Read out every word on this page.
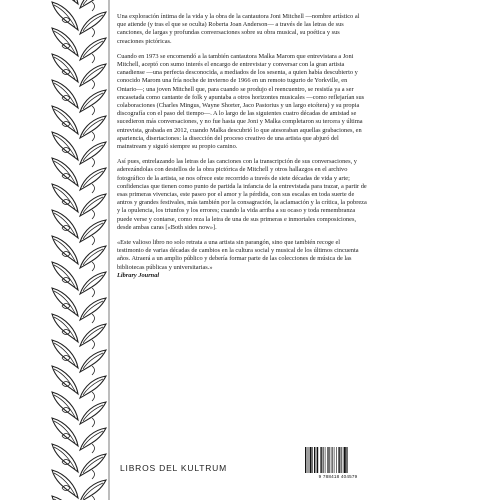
Una exploración íntima de la vida y la obra de la cantautora Joni Mitchell —nombre artístico al que atiende (y tras el que se oculta) Roberta Joan Anderson— a través de las letras de sus canciones, de largas y profundas conversaciones sobre su obra musical, su poética y sus creaciones pictóricas.

Cuando en 1973 se encomendó a la también cantautora Malka Marom que entrevistara a Joni Mitchell, aceptó con sumo interés el encargo de entrevistar y conversar con la gran artista canadiense —una perfecta desconocida, a mediados de los sesenta, a quien había descubierto y conocido Marom una fría noche de invierno de 1966 en un remoto tugurio de Yorkville, en Ontario—; una joven Mitchell que, para cuando se produjo el reencuentro, se resistía ya a ser encasetada como cantante de folk y apuntaba a otros horizontes musicales —como reflejarían sus colaboraciones (Charles Mingus, Wayne Shorter, Jaco Pastorius y un largo etcétera) y su propia discografía con el paso del tiempo—. A lo largo de las siguientes cuatro décadas de amistad se sucedieron más conversaciones, y no fue hasta que Joni y Malka completaron su tercera y última entrevista, grabada en 2012, cuando Malka descubrió lo que atesoraban aquellas grabaciones, en apariencia, disertaciones: la disección del proceso creativo de una artista que abjuró del mainstream y siguió siempre su propio camino.

Así pues, entrelazando las letras de las canciones con la transcripción de sus conversaciones, y aderezándolas con destellos de la obra pictórica de Mitchell y otros hallazgos en el archivo fotográfico de la artista, se nos ofrece este recorrido a través de siete décadas de vida y arte; confidencias que tienen como punto de partida la infancia de la entrevistada para trazar, a partir de esas primeras vivencias, este paseo por el amor y la pérdida, con sus escalas en toda suerte de antros y grandes festivales, más también por la consagración, la aclamación y la crítica, la pobreza y la opulencia, los triunfos y los errores; cuando la vida arriba a su ocaso y toda remembranza puede verse y contarse, como reza la letra de una de sus primeras e inmortales composiciones, desde ambas caras [«Both sides now»].

«Este valioso libro no solo retrata a una artista sin parangón, sino que también recoge el testimonio de varias décadas de cambios en la cultura social y musical de los últimos cincuenta años. Atraerá a un amplio público y debería formar parte de las colecciones de música de las bibliotecas públicas y universitarias.»
Library Journal

LIBROS DEL KULTRUM
9 788418 404579
